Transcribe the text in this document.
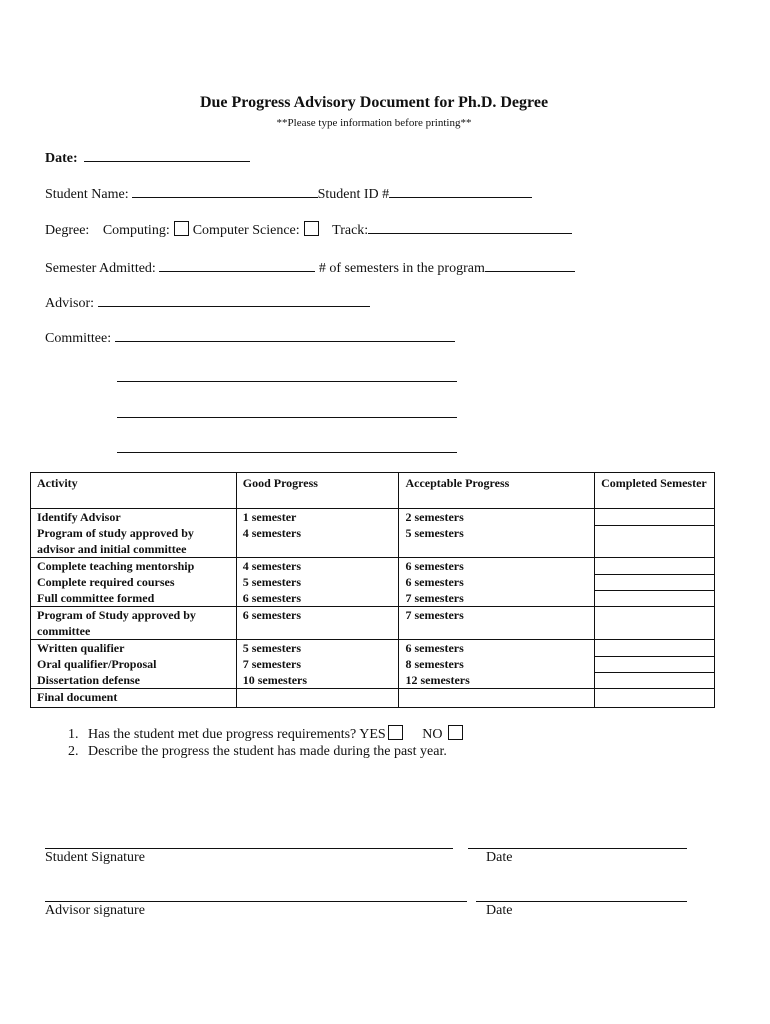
Due Progress Advisory Document for Ph.D. Degree
**Please type information before printing**
Date:
Student Name:	Student ID #
Degree: Computing: Computer Science: Track:
Semester Admitted:	# of semesters in the program
Advisor:
Committee:
Activity	Good Progress	Acceptable Progress	Completed Semester
Identify Advisor	1 semester	2 semesters	
Program of study approved by advisor and initial committee	4 semesters	5 semesters	
Complete teaching mentorship	4 semesters	6 semesters	
Complete required courses	5 semesters	6 semesters	
Full committee formed	6 semesters	7 semesters	
Program of Study approved by committee	6 semesters	7 semesters	
Written qualifier	5 semesters	6 semesters	
Oral qualifier/Proposal	7 semesters	8 semesters	
Dissertation defense	10 semesters	12 semesters	
Final document			
1. Has the student met due progress requirements? YES	NO
2. Describe the progress the student has made during the past year.
Student Signature	Date
Advisor signature	Date
